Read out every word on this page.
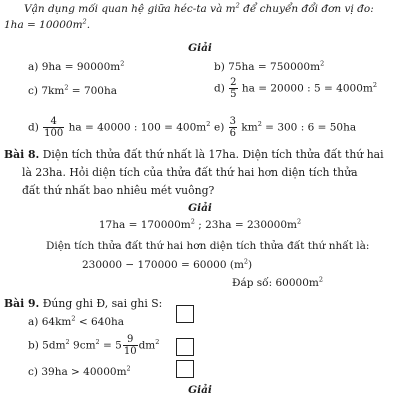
Vận dụng mối quan hệ giữa héc-ta và $m^2$ để chuyển đổi đơn vị đo:
$1ha = 10000m^2$.
Giải
a) $9ha = 90000m^2$	b) $75ha = 750000m^2$
c) $7km^2 = 700ha$	$d) \frac{2}{5}$ ha = 20000 : $5 = 4000m^2$
$d) \frac{4}{100}$ ha = 40000 : $100 = 400m^2$ $e) \frac{3}{6} km^2 = 300$ : 6 = 50ha
Bài 8. Diện tích thửa đất thứ nhất là 17ha. Diện tích thửa đất thứ hai
là 23ha. Hỏi diện tích của thửa đất thứ hai hơn diện tích thửa
đất thứ nhất bao nhiêu mét vuông?
Giải
$17ha = 170000m^2$ ; $23ha = 230000m^2$
Diện tích thửa đất thứ hai hơn diện tích thửa đất thứ nhất là:
230000 − 170000 = 60000 $(m^2)$
Đáp số: $60000m^2$
Bài 9. Đúng ghi Đ, sai ghi S:
a) $64km^2 < 640ha$
b) $5dm^2$ $9cm^2 = 5 \frac{9}{10} dm^2$
c) $39ha > 40000m^2$
Giải
